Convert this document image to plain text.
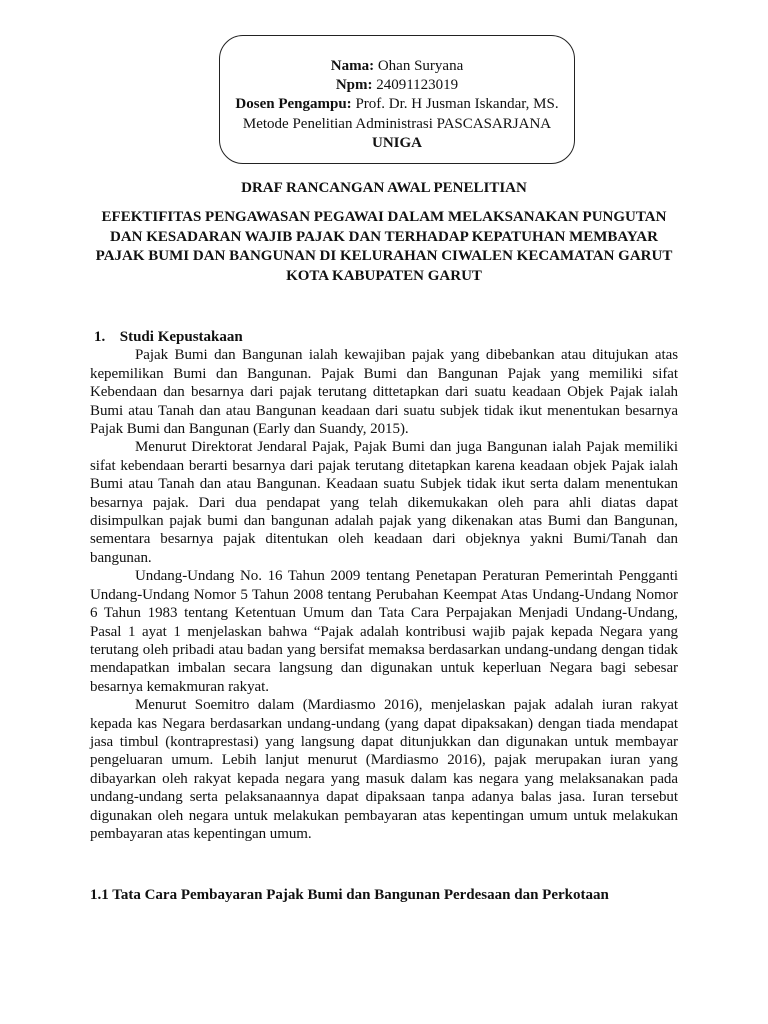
Nama: Ohan Suryana
Npm: 24091123019
Dosen Pengampu: Prof. Dr. H Jusman Iskandar, MS.
Metode Penelitian Administrasi PASCASARJANA
UNIGA
DRAF RANCANGAN AWAL PENELITIAN
EFEKTIFITAS PENGAWASAN PEGAWAI DALAM MELAKSANAKAN PUNGUTAN DAN KESADARAN WAJIB PAJAK DAN TERHADAP KEPATUHAN MEMBAYAR PAJAK BUMI DAN BANGUNAN DI KELURAHAN CIWALEN KECAMATAN GARUT KOTA KABUPATEN GARUT
1. Studi Kepustakaan

Pajak Bumi dan Bangunan ialah kewajiban pajak yang dibebankan atau ditujukan atas kepemilikan Bumi dan Bangunan. Pajak Bumi dan Bangunan Pajak yang memiliki sifat Kebendaan dan besarnya dari pajak terutang dittetapkan dari suatu keadaan Objek Pajak ialah Bumi atau Tanah dan atau Bangunan keadaan dari suatu subjek tidak ikut menentukan besarnya Pajak Bumi dan Bangunan (Early dan Suandy, 2015).

Menurut Direktorat Jendaral Pajak, Pajak Bumi dan juga Bangunan ialah Pajak memiliki sifat kebendaan berarti besarnya dari pajak terutang ditetapkan karena keadaan objek Pajak ialah Bumi atau Tanah dan atau Bangunan. Keadaan suatu Subjek tidak ikut serta dalam menentukan besarnya pajak. Dari dua pendapat yang telah dikemukakan oleh para ahli diatas dapat disimpulkan pajak bumi dan bangunan adalah pajak yang dikenakan atas Bumi dan Bangunan, sementara besarnya pajak ditentukan oleh keadaan dari objeknya yakni Bumi/Tanah dan bangunan.

Undang-Undang No. 16 Tahun 2009 tentang Penetapan Peraturan Pemerintah Pengganti Undang-Undang Nomor 5 Tahun 2008 tentang Perubahan Keempat Atas Undang-Undang Nomor 6 Tahun 1983 tentang Ketentuan Umum dan Tata Cara Perpajakan Menjadi Undang-Undang, Pasal 1 ayat 1 menjelaskan bahwa “Pajak adalah kontribusi wajib pajak kepada Negara yang terutang oleh pribadi atau badan yang bersifat memaksa berdasarkan undang-undang dengan tidak mendapatkan imbalan secara langsung dan digunakan untuk keperluan Negara bagi sebesar besarnya kemakmuran rakyat.

Menurut Soemitro dalam (Mardiasmo 2016), menjelaskan pajak adalah iuran rakyat kepada kas Negara berdasarkan undang-undang (yang dapat dipaksakan) dengan tiada mendapat jasa timbul (kontraprestasi) yang langsung dapat ditunjukkan dan digunakan untuk membayar pengeluaran umum. Lebih lanjut menurut (Mardiasmo 2016), pajak merupakan iuran yang dibayarkan oleh rakyat kepada negara yang masuk dalam kas negara yang melaksanakan pada undang-undang serta pelaksanaannya dapat dipaksaan tanpa adanya balas jasa. Iuran tersebut digunakan oleh negara untuk melakukan pembayaran atas kepentingan umum untuk melakukan pembayaran atas kepentingan umum.

1.1 Tata Cara Pembayaran Pajak Bumi dan Bangunan Perdesaan dan Perkotaan
